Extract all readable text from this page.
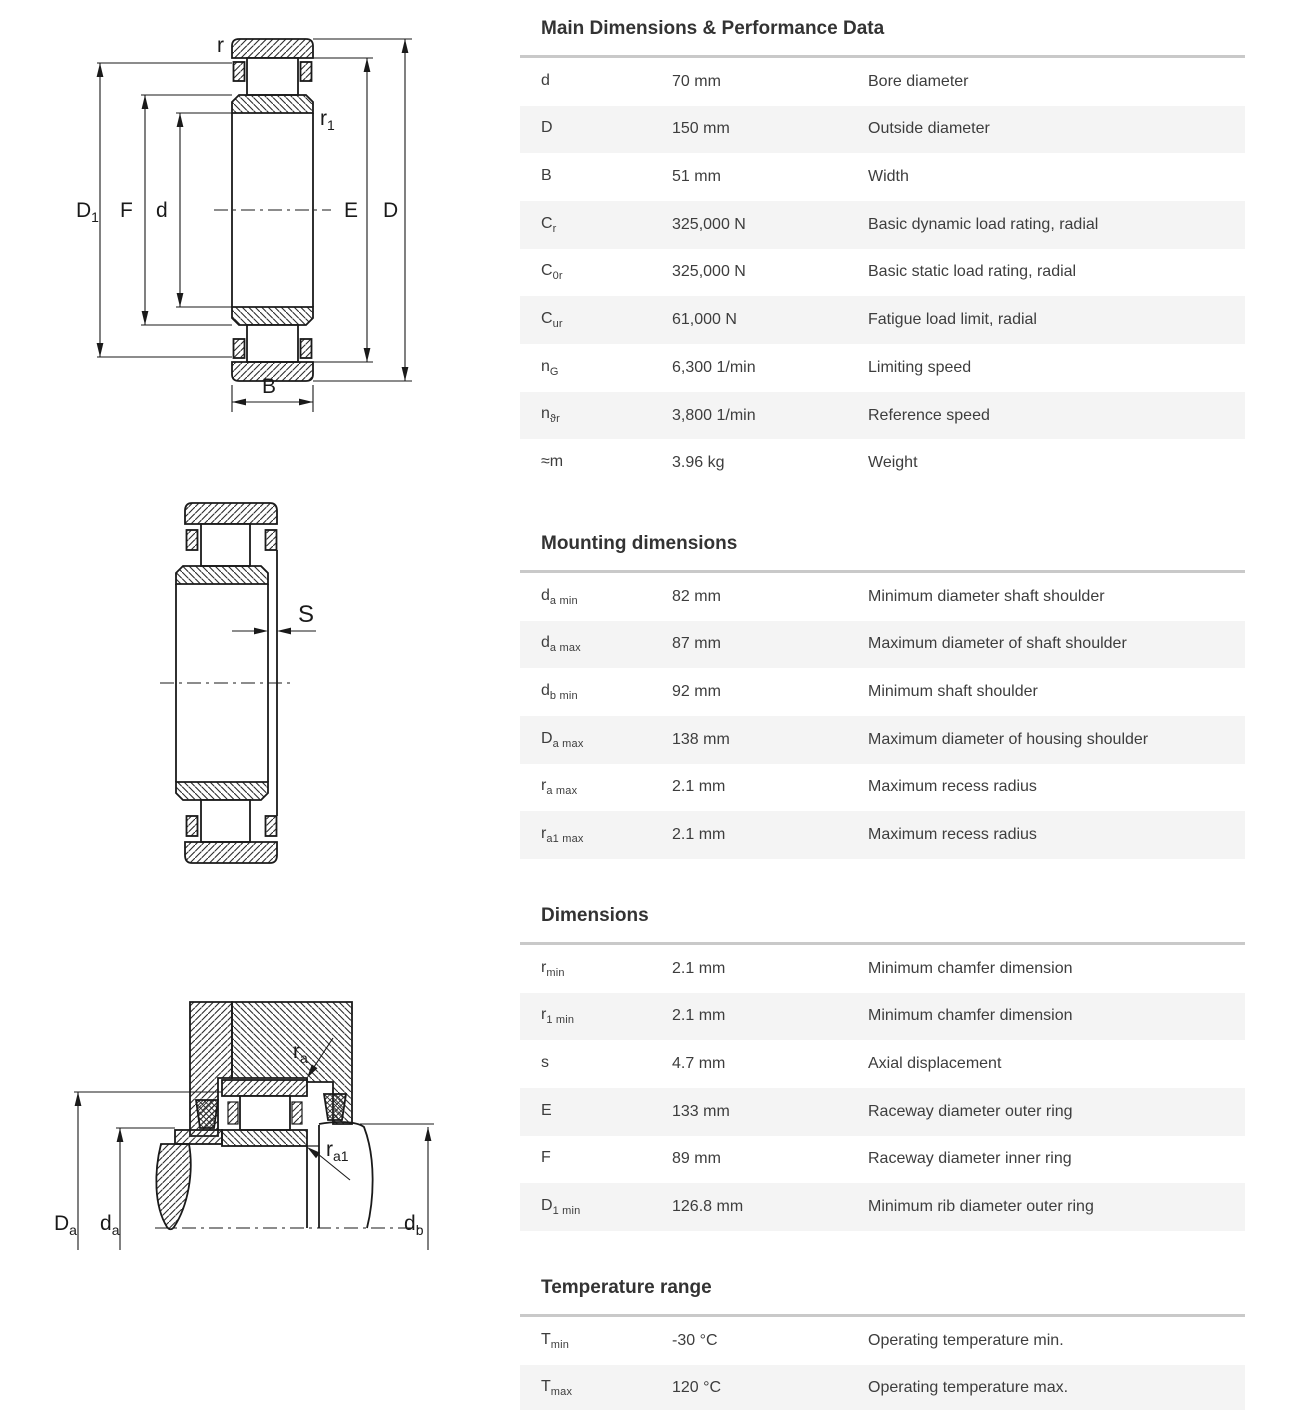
r
$r_1$
$D_1$ F d	E D
B
S
$r_a$
$r_{a1}$
$D_a$ $d_a$	$d_b$
Main Dimensions & Performance Data
d	70 mm	Bore diameter
D	150 mm	Outside diameter
B	51 mm	Width
$C_r$	325,000 N	Basic dynamic load rating, radial
$C_{0r}$	325,000 N	Basic static load rating, radial
$C_{ur}$	61,000 N	Fatigue load limit, radial
$n_G$	6,300 1/min	Limiting speed
$n_{ϑr}$	3,800 1/min	Reference speed
≈m	3.96 kg	Weight
Mounting dimensions
$d_{a min}$	82 mm	Minimum diameter shaft shoulder
$d_{a max}$	87 mm	Maximum diameter of shaft shoulder
$d_{b min}$	92 mm	Minimum shaft shoulder
$D_{a max}$	138 mm	Maximum diameter of housing shoulder
$r_{a max}$	2.1 mm	Maximum recess radius
$r_{a1 max}$	2.1 mm	Maximum recess radius
Dimensions
$r_{min}$	2.1 mm	Minimum chamfer dimension
$r_{1 min}$	2.1 mm	Minimum chamfer dimension
s	4.7 mm	Axial displacement
E	133 mm	Raceway diameter outer ring
F	89 mm	Raceway diameter inner ring
$D_{1 min}$	126.8 mm	Minimum rib diameter outer ring
Temperature range
$T_{min}$	-30 °C	Operating temperature min.
$T_{max}$	120 °C	Operating temperature max.
